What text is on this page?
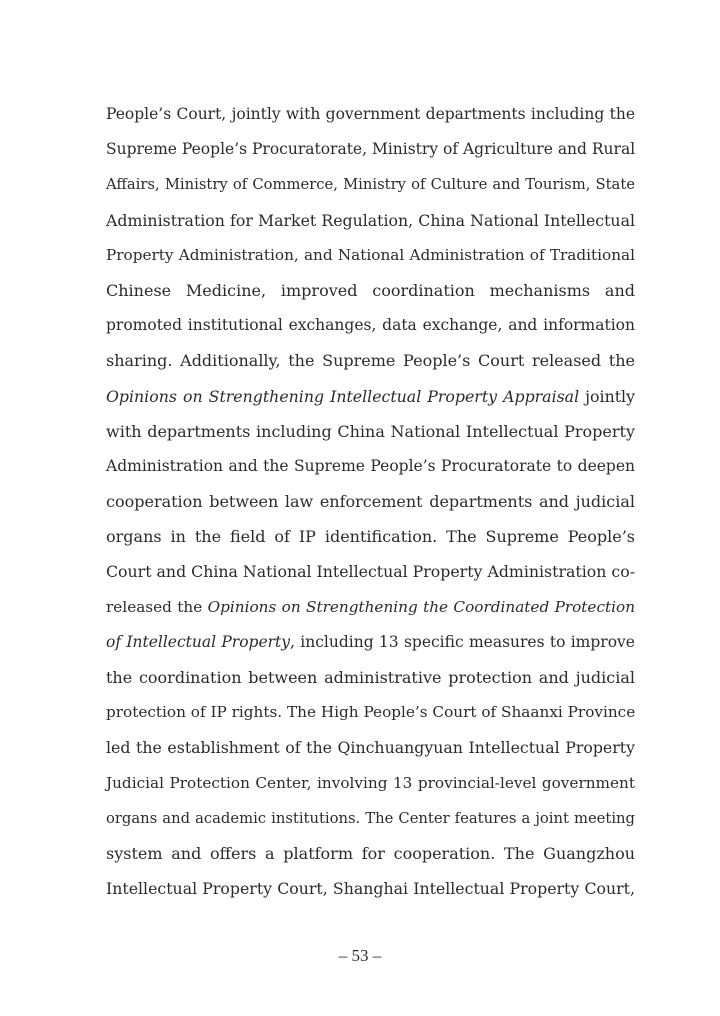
People’s Court, jointly with government departments including the
Supreme People’s Procuratorate, Ministry of Agriculture and Rural
Affairs, Ministry of Commerce, Ministry of Culture and Tourism, State
Administration for Market Regulation, China National Intellectual
Property Administration, and National Administration of Traditional
Chinese Medicine, improved coordination mechanisms and
promoted institutional exchanges, data exchange, and information
sharing. Additionally, the Supreme People’s Court released the
Opinions on Strengthening Intellectual Property Appraisal jointly
with departments including China National Intellectual Property
Administration and the Supreme People’s Procuratorate to deepen
cooperation between law enforcement departments and judicial
organs in the field of IP identification. The Supreme People’s
Court and China National Intellectual Property Administration co-
released the Opinions on Strengthening the Coordinated Protection
of Intellectual Property, including 13 specific measures to improve
the coordination between administrative protection and judicial
protection of IP rights. The High People’s Court of Shaanxi Province
led the establishment of the Qinchuangyuan Intellectual Property
Judicial Protection Center, involving 13 provincial-level government
organs and academic institutions. The Center features a joint meeting
system and offers a platform for cooperation. The Guangzhou
Intellectual Property Court, Shanghai Intellectual Property Court,
– 53 –
